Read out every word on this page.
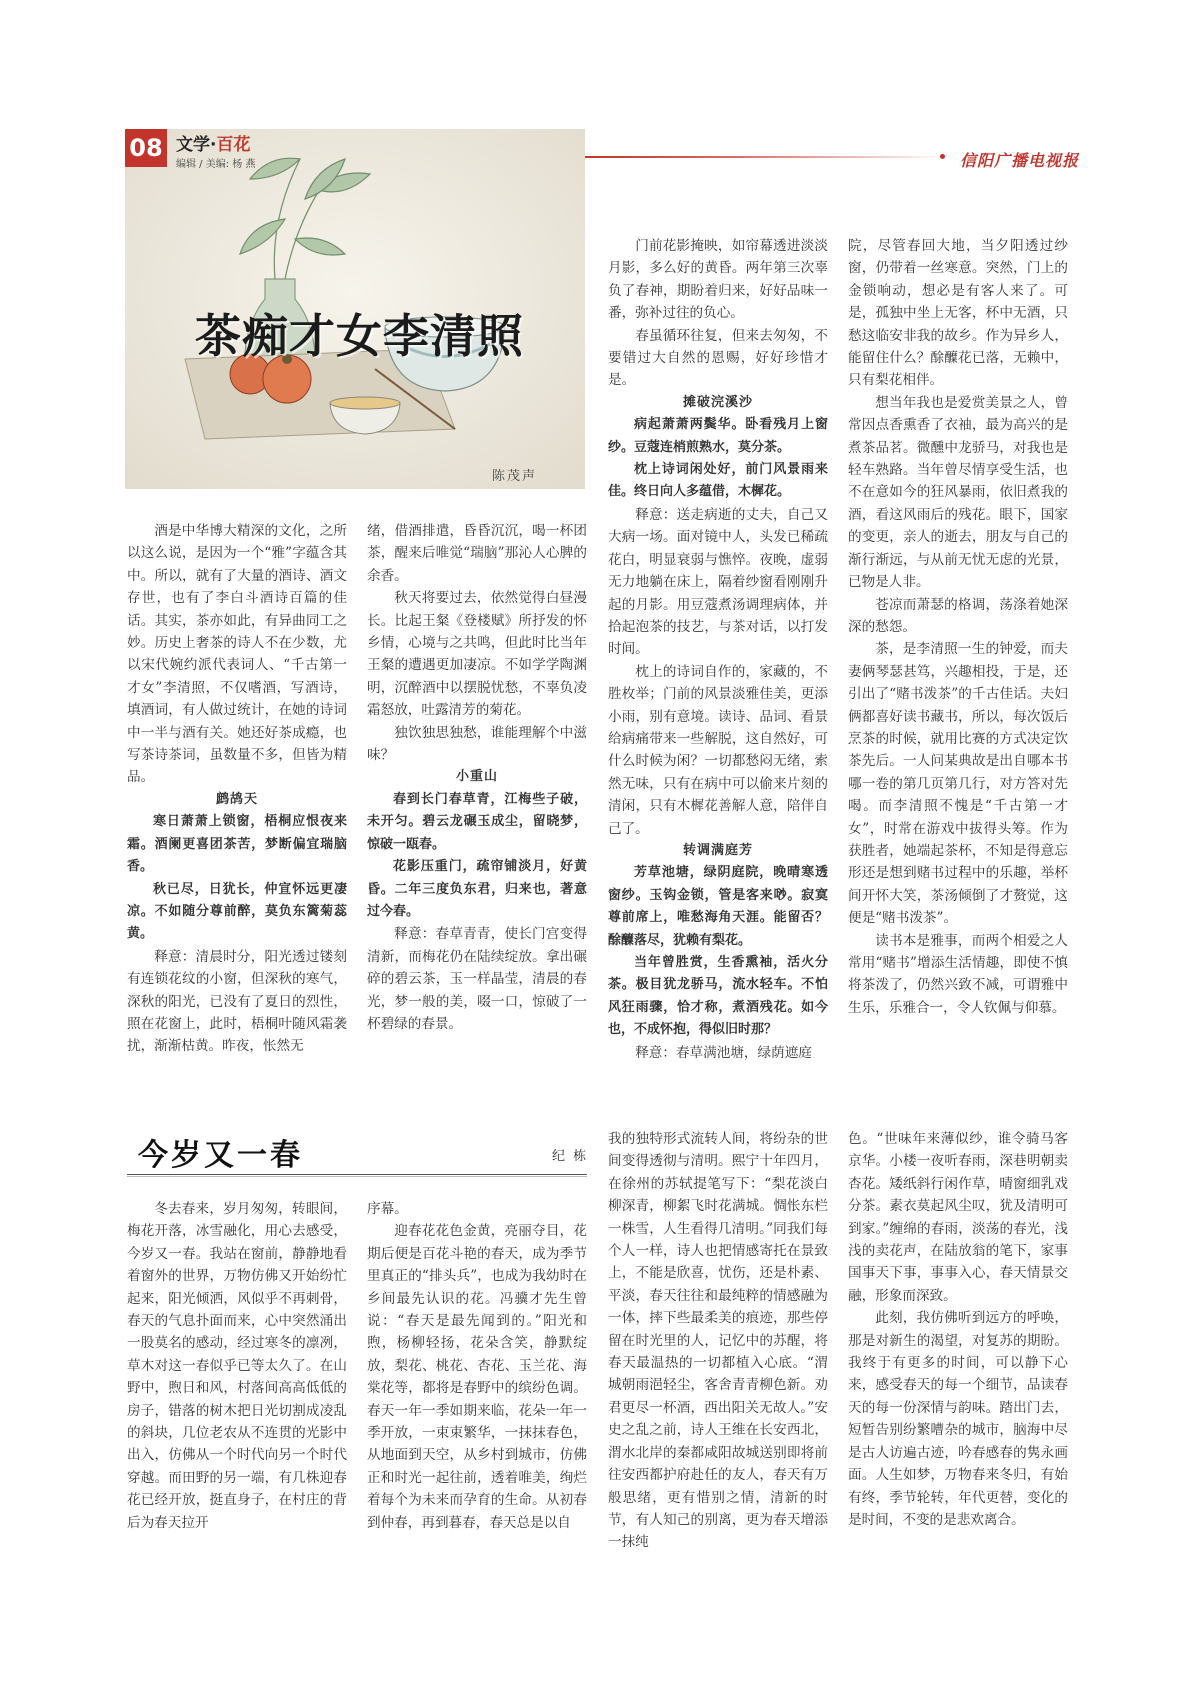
08 文学·百花
编辑 / 美编: 杨 燕	信阳广播电视报
茶痴才女李清照
陈茂声

酒是中华博大精深的文化，之所以这么说，是因为一个“雅”字蕴含其中。所以，就有了大量的酒诗、酒文存世，也有了李白斗酒诗百篇的佳话。其实，茶亦如此，有异曲同工之妙。历史上奢茶的诗人不在少数，尤以宋代婉约派代表词人、“千古第一才女”李清照，不仅嗜酒，写酒诗，填酒词，有人做过统计，在她的诗词中一半与酒有关。她还好茶成瘾，也写茶诗茶词，虽数量不多，但皆为精品。

鹧鸪天

寒日萧萧上锁窗，梧桐应恨夜来霜。酒阑更喜团茶苦，梦断偏宜瑞脑香。

秋已尽，日犹长，仲宣怀远更凄凉。不如随分尊前醉，莫负东篱菊蕊黄。

释意：清晨时分，阳光透过镂刻有连锁花纹的小窗，但深秋的寒气，深秋的阳光，已没有了夏日的烈性，照在花窗上，此时，梧桐叶随风霜袭扰，渐渐枯黄。昨夜，怅然无

绪，借酒排遣，昏昏沉沉，喝一杯团茶，醒来后唯觉“瑞脑”那沁人心脾的余香。

秋天将要过去，依然觉得白昼漫长。比起王粲《登楼赋》所抒发的怀乡情，心境与之共鸣，但此时比当年王粲的遭遇更加凄凉。不如学学陶渊明，沉醉酒中以摆脱忧愁，不辜负凌霜怒放，吐露清芳的菊花。

独饮独思独愁，谁能理解个中滋味？

小重山

春到长门春草青，江梅些子破，未开匀。碧云龙碾玉成尘，留晓梦，惊破一瓯春。

花影压重门，疏帘铺淡月，好黄昏。二年三度负东君，归来也，著意过今春。

释意：春草青青，使长门宫变得清新，而梅花仍在陆续绽放。拿出碾碎的碧云茶，玉一样晶莹，清晨的春光，梦一般的美，啜一口，惊破了一杯碧绿的春景。

门前花影掩映，如帘幕透进淡淡月影，多么好的黄昏。两年第三次辜负了春神，期盼着归来，好好品味一番，弥补过往的负心。

春虽循环往复，但来去匆匆，不要错过大自然的恩赐，好好珍惜才是。

摊破浣溪沙

病起萧萧两鬓华。卧看残月上窗纱。豆蔻连梢煎熟水，莫分茶。

枕上诗词闲处好，前门风景雨来佳。终日向人多蕴借，木樨花。

释意：送走病逝的丈夫，自己又大病一场。面对镜中人，头发已稀疏花白，明显衰弱与憔悴。夜晚，虚弱无力地躺在床上，隔着纱窗看刚刚升起的月影。用豆蔻煮汤调理病体，并拾起泡茶的技艺，与茶对话，以打发时间。

枕上的诗词自作的，家藏的，不胜枚举；门前的风景淡雅佳美，更添小雨，别有意境。读诗、品词、看景给病痛带来一些解脱，这自然好，可什么时候为闲？一切都愁闷无绪，索然无味，只有在病中可以偷来片刻的清闲，只有木樨花善解人意，陪伴自己了。

转调满庭芳

芳草池塘，绿阴庭院，晚晴寒透窗纱。玉钩金锁，管是客来唦。寂寞尊前席上，唯愁海角天涯。能留否？酴醾落尽，犹赖有梨花。

当年曾胜赏，生香熏袖，活火分茶。极目犹龙骄马，流水轻车。不怕风狂雨骤，恰才称，煮酒残花。如今也，不成怀抱，得似旧时那？

释意：春草满池塘，绿荫遮庭

院，尽管春回大地，当夕阳透过纱窗，仍带着一丝寒意。突然，门上的金锁响动，想必是有客人来了。可是，孤独中坐上无客，杯中无酒，只愁这临安非我的故乡。作为异乡人，能留住什么？酴醾花已落，无赖中，只有梨花相伴。

想当年我也是爱赏美景之人，曾常因点香熏香了衣袖，最为高兴的是煮茶品茗。微醺中龙骄马，对我也是轻车熟路。当年曾尽情享受生活，也不在意如今的狂风暴雨，依旧煮我的酒，看这风雨后的残花。眼下，国家的变更，亲人的逝去，朋友与自己的渐行渐远，与从前无忧无虑的光景，已物是人非。

苍凉而萧瑟的格调，荡涤着她深深的愁怨。

茶，是李清照一生的钟爱，而夫妻俩琴瑟甚笃，兴趣相投，于是，还引出了“赌书泼茶”的千古佳话。夫妇俩都喜好读书藏书，所以，每次饭后烹茶的时候，就用比赛的方式决定饮茶先后。一人问某典故是出自哪本书哪一卷的第几页第几行，对方答对先喝。而李清照不愧是“千古第一才女”，时常在游戏中拔得头筹。作为获胜者，她端起茶杯，不知是得意忘形还是想到赌书过程中的乐趣，举杯间开怀大笑，茶汤倾倒了才赘觉，这便是“赌书泼茶”。

读书本是雅事，而两个相爱之人常用“赌书”增添生活情趣，即使不慎将茶泼了，仍然兴致不减，可谓雅中生乐，乐雅合一，令人钦佩与仰慕。

今岁又一春	纪 栋

冬去春来，岁月匆匆，转眼间，梅花开落，冰雪融化，用心去感受，今岁又一春。我站在窗前，静静地看着窗外的世界，万物仿佛又开始纷忙起来，阳光倾洒，风似乎不再刺骨，春天的气息扑面而来，心中突然涌出一股莫名的感动，经过寒冬的凛冽，草木对这一春似乎已等太久了。在山野中，煦日和风，村落间高高低低的房子，错落的树木把日光切割成凌乱的斜块，几位老农从不连贯的光影中出入，仿佛从一个时代向另一个时代穿越。而田野的另一端，有几株迎春花已经开放，挺直身子，在村庄的背后为春天拉开

序幕。

迎春花花色金黄，亮丽夺目，花期后便是百花斗艳的春天，成为季节里真正的“排头兵”，也成为我幼时在乡间最先认识的花。冯骥才先生曾说：“春天是最先闻到的。”阳光和煦，杨柳轻扬，花朵含笑，静默绽放，梨花、桃花、杏花、玉兰花、海棠花等，都将是春野中的缤纷色调。春天一年一季如期来临，花朵一年一季开放，一束束繁华，一抹抹春色，从地面到天空，从乡村到城市，仿佛正和时光一起往前，透着唯美，绚烂着每个为未来而孕育的生命。从初春到仲春，再到暮春，春天总是以自

我的独特形式流转人间，将纷杂的世间变得透彻与清明。熙宁十年四月，在徐州的苏轼提笔写下：“梨花淡白柳深青，柳絮飞时花满城。惆怅东栏一株雪，人生看得几清明。”同我们每个人一样，诗人也把情感寄托在景致上，不能是欣喜，忧伤，还是朴素、平淡，春天往往和最纯粹的情感融为一体，摔下些最柔美的痕迹，那些停留在时光里的人，记忆中的苏醒，将春天最温热的一切都植入心底。“渭城朝雨浥轻尘，客舍青青柳色新。劝君更尽一杯酒，西出阳关无故人。”安史之乱之前，诗人王维在长安西北，渭水北岸的秦都咸阳故城送别即将前往安西都护府赴任的友人，春天有万般思绪，更有惜别之情，清新的时节，有人知己的别离，更为春天增添一抹纯

色。“世味年来薄似纱，谁令骑马客京华。小楼一夜听春雨，深巷明朝卖杏花。矮纸斜行闲作草，晴窗细乳戏分茶。素衣莫起风尘叹，犹及清明可到家。”缠绵的春雨，淡荡的春光，浅浅的卖花声，在陆放翁的笔下，家事国事天下事，事事入心，春天情景交融，形象而深致。

此刻，我仿佛听到远方的呼唤，那是对新生的渴望，对复苏的期盼。我终于有更多的时间，可以静下心来，感受春天的每一个细节，品读春天的每一份深情与韵味。踏出门去，短暂告别纷繁嘈杂的城市，脑海中尽是古人访遍古迹，吟春感春的隽永画面。人生如梦，万物春来冬归，有始有终，季节轮转，年代更替，变化的是时间，不变的是悲欢离合。
